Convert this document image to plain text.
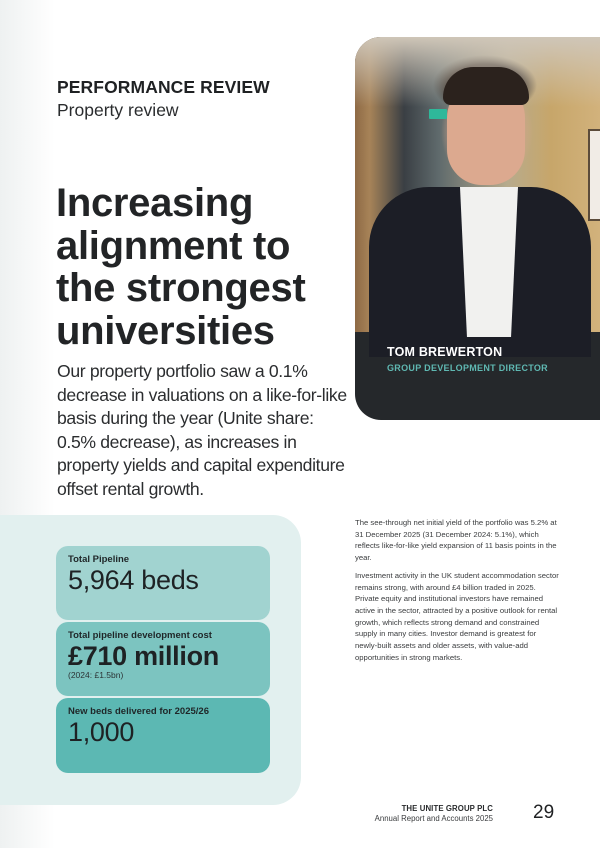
PERFORMANCE REVIEW
Property review
Increasing alignment to the strongest universities

Our property portfolio saw a 0.1% decrease in valuations on a like-for-like basis during the year (Unite share: 0.5% decrease), as increases in property yields and capital expenditure offset rental growth.

TOM BREWERTON
GROUP DEVELOPMENT DIRECTOR
Total Pipeline
5,964 beds
Total pipeline development cost
£710 million
(2024: £1.5bn)
New beds delivered for 2025/26
1,000

The see-through net initial yield of the portfolio was 5.2% at 31 December 2025 (31 December 2024: 5.1%), which reflects like-for-like yield expansion of 11 basis points in the year.

Investment activity in the UK student accommodation sector remains strong, with around £4 billion traded in 2025. Private equity and institutional investors have remained active in the sector, attracted by a positive outlook for rental growth, which reflects strong demand and constrained supply in many cities. Investor demand is greatest for newly-built assets and older assets, with value-add opportunities in strong markets.

THE UNITE GROUP PLC
Annual Report and Accounts 2025 29
